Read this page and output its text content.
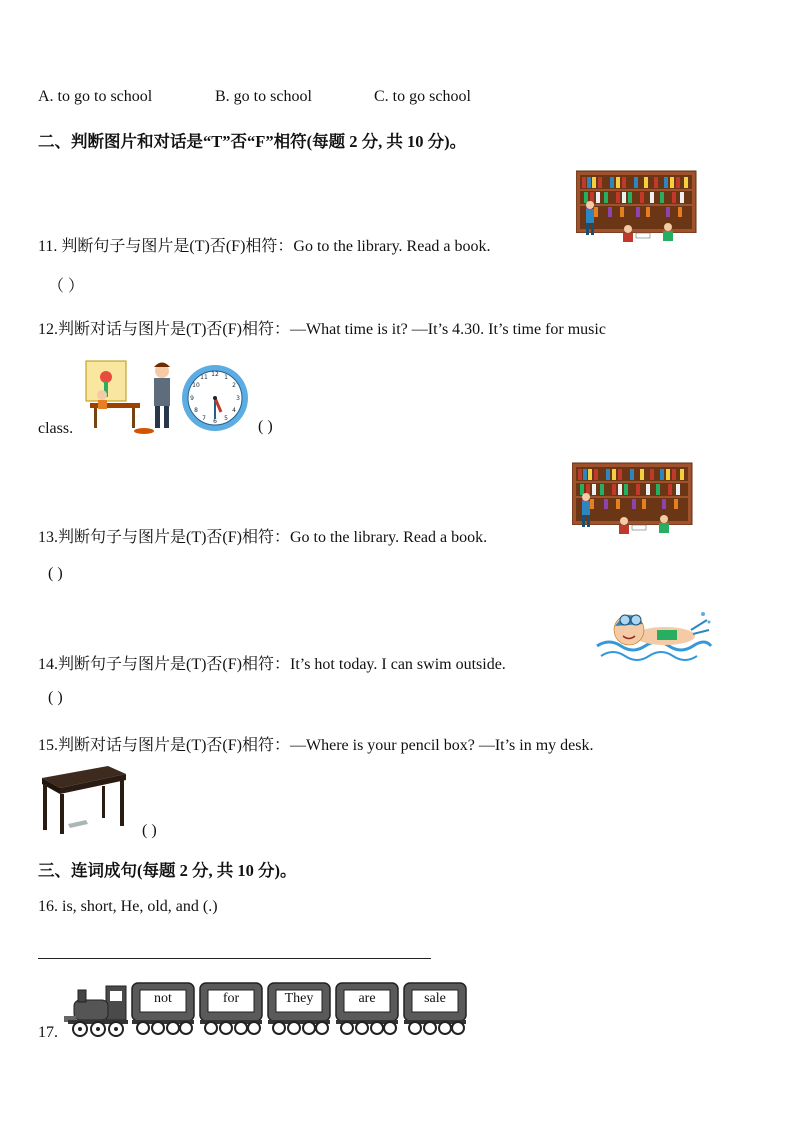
A. to go to school	B. go to school	C. to go school
二、判断图片和对话是“T”否“F”相符(每题 2 分, 共 10 分)。
11. 判断句子与图片是(T)否(F)相符：Go to the library. Read a book.
（ ）
12.判断对话与图片是(T)否(F)相符：—What time is it? —It’s 4.30. It’s time for music
12 1
2
3
4
5
6
7
8
9
10
11
class.	( )
13.判断句子与图片是(T)否(F)相符：Go to the library. Read a book.
( )
14.判断句子与图片是(T)否(F)相符：It’s hot today. I can swim outside.
( )
15.判断对话与图片是(T)否(F)相符：—Where is your pencil box? —It’s in my desk.
( )
三、连词成句(每题 2 分, 共 10 分)。
16. is, short, He, old, and (.)
17.
not	for	They	are	sale
